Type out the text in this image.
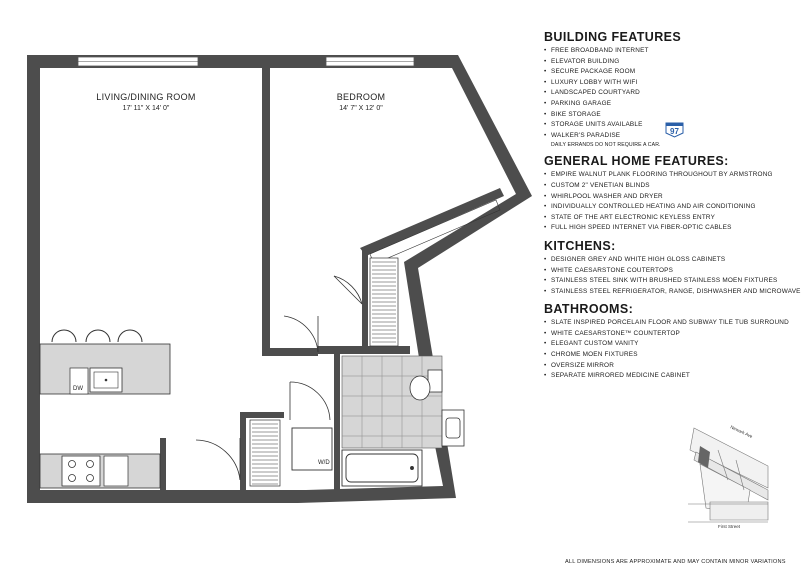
W/D
DW
LIVING/DINING ROOM
17' 11" X 14' 0"
BEDROOM
14' 7" X 12' 0"
BUILDING FEATURES
• FREE BROADBAND INTERNET
• ELEVATOR BUILDING
• SECURE PACKAGE ROOM
• LUXURY LOBBY WITH WIFI
• LANDSCAPED COURTYARD
• PARKING GARAGE
• BIKE STORAGE
• STORAGE UNITS AVAILABLE
• WALKER'S PARADISE
DAILY ERRANDS DO NOT REQUIRE A CAR.
GENERAL HOME FEATURES:
• EMPIRE WALNUT PLANK FLOORING THROUGHOUT BY ARMSTRONG
• CUSTOM 2" VENETIAN BLINDS
• WHIRLPOOL WASHER AND DRYER
• INDIVIDUALLY CONTROLLED HEATING AND AIR CONDITIONING
• STATE OF THE ART ELECTRONIC KEYLESS ENTRY
• FULL HIGH SPEED INTERNET VIA FIBER-OPTIC CABLES
KITCHENS:
• DESIGNER GREY AND WHITE HIGH GLOSS CABINETS
• WHITE CAESARSTONE COUTERTOPS
• STAINLESS STEEL SINK WITH BRUSHED STAINLESS MOEN FIXTURES
• STAINLESS STEEL REFRIGERATOR, RANGE, DISHWASHER AND MICROWAVE
BATHROOMS:
• SLATE INSPIRED PORCELAIN FLOOR AND SUBWAY TILE TUB SURROUND
• WHITE CAESARSTONE™ COUNTERTOP
• ELEGANT CUSTOM VANITY
• CHROME MOEN FIXTURES
• OVERSIZE MIRROR
• SEPARATE MIRRORED MEDICINE CABINET
97
Newark Ave
First Street
ALL DIMENSIONS ARE APPROXIMATE AND MAY CONTAIN MINOR VARIATIONS
